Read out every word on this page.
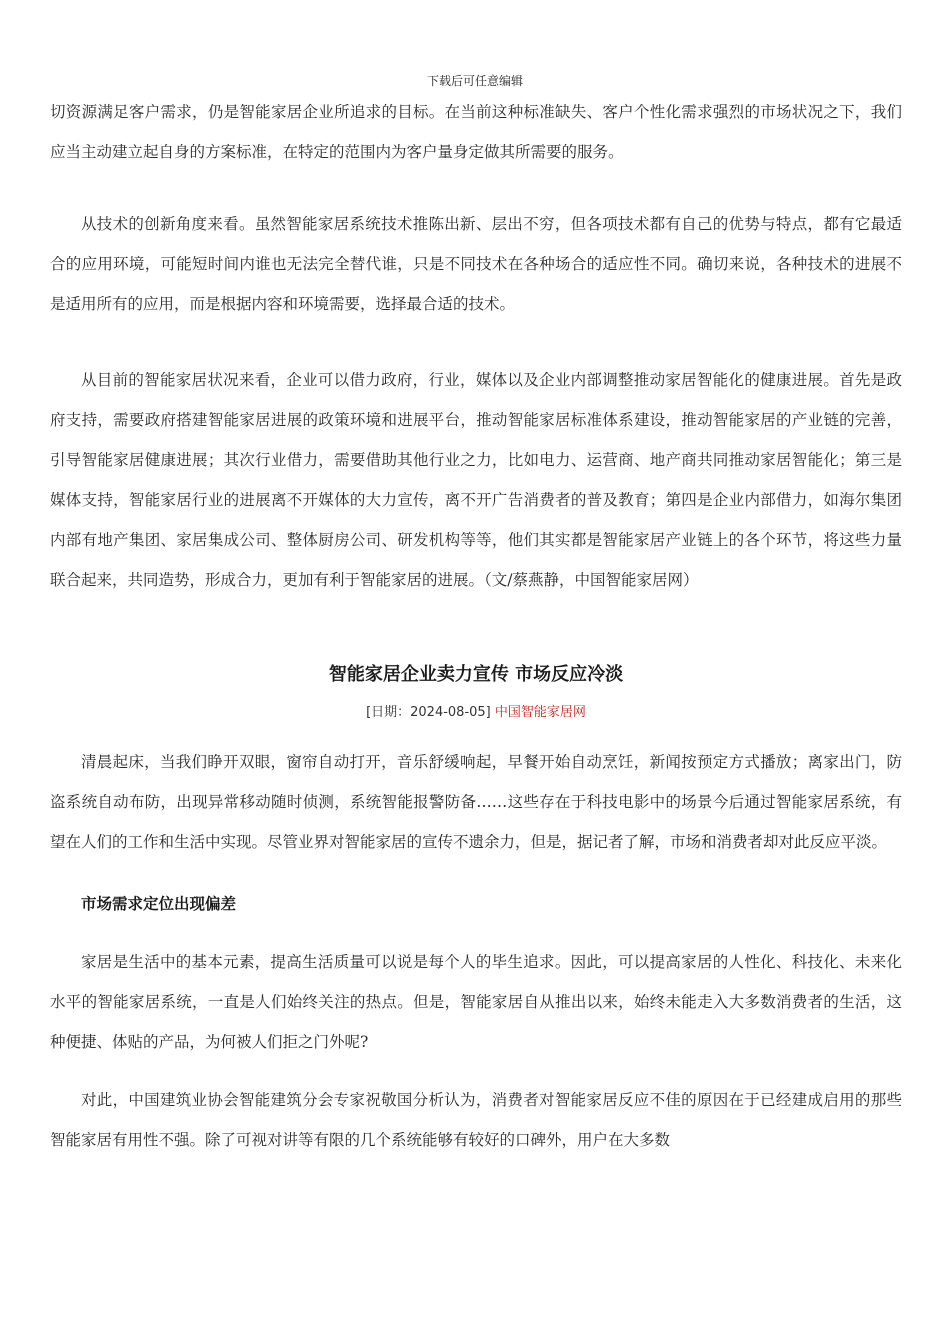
下载后可任意编辑

切资源满足客户需求，仍是智能家居企业所追求的目标。在当前这种标准缺失、客户个性化需求强烈的市场状况之下，我们应当主动建立起自身的方案标准，在特定的范围内为客户量身定做其所需要的服务。

从技术的创新角度来看。虽然智能家居系统技术推陈出新、层出不穷，但各项技术都有自己的优势与特点，都有它最适合的应用环境，可能短时间内谁也无法完全替代谁，只是不同技术在各种场合的适应性不同。确切来说，各种技术的进展不是适用所有的应用，而是根据内容和环境需要，选择最合适的技术。

从目前的智能家居状况来看，企业可以借力政府，行业，媒体以及企业内部调整推动家居智能化的健康进展。首先是政府支持，需要政府搭建智能家居进展的政策环境和进展平台，推动智能家居标准体系建设，推动智能家居的产业链的完善，引导智能家居健康进展；其次行业借力，需要借助其他行业之力，比如电力、运营商、地产商共同推动家居智能化；第三是媒体支持，智能家居行业的进展离不开媒体的大力宣传，离不开广告消费者的普及教育；第四是企业内部借力，如海尔集团内部有地产集团、家居集成公司、整体厨房公司、研发机构等等，他们其实都是智能家居产业链上的各个环节，将这些力量联合起来，共同造势，形成合力，更加有利于智能家居的进展。（文/蔡燕静，中国智能家居网）

智能家居企业卖力宣传 市场反应冷淡
[日期：2024-08-05] 中国智能家居网

清晨起床，当我们睁开双眼，窗帘自动打开，音乐舒缓响起，早餐开始自动烹饪，新闻按预定方式播放；离家出门，防盗系统自动布防，出现异常移动随时侦测，系统智能报警防备……这些存在于科技电影中的场景今后通过智能家居系统，有望在人们的工作和生活中实现。尽管业界对智能家居的宣传不遗余力，但是，据记者了解，市场和消费者却对此反应平淡。

市场需求定位出现偏差

家居是生活中的基本元素，提高生活质量可以说是每个人的毕生追求。因此，可以提高家居的人性化、科技化、未来化水平的智能家居系统，一直是人们始终关注的热点。但是，智能家居自从推出以来，始终未能走入大多数消费者的生活，这种便捷、体贴的产品，为何被人们拒之门外呢?

对此，中国建筑业协会智能建筑分会专家祝敬国分析认为，消费者对智能家居反应不佳的原因在于已经建成启用的那些智能家居有用性不强。除了可视对讲等有限的几个系统能够有较好的口碑外，用户在大多数
